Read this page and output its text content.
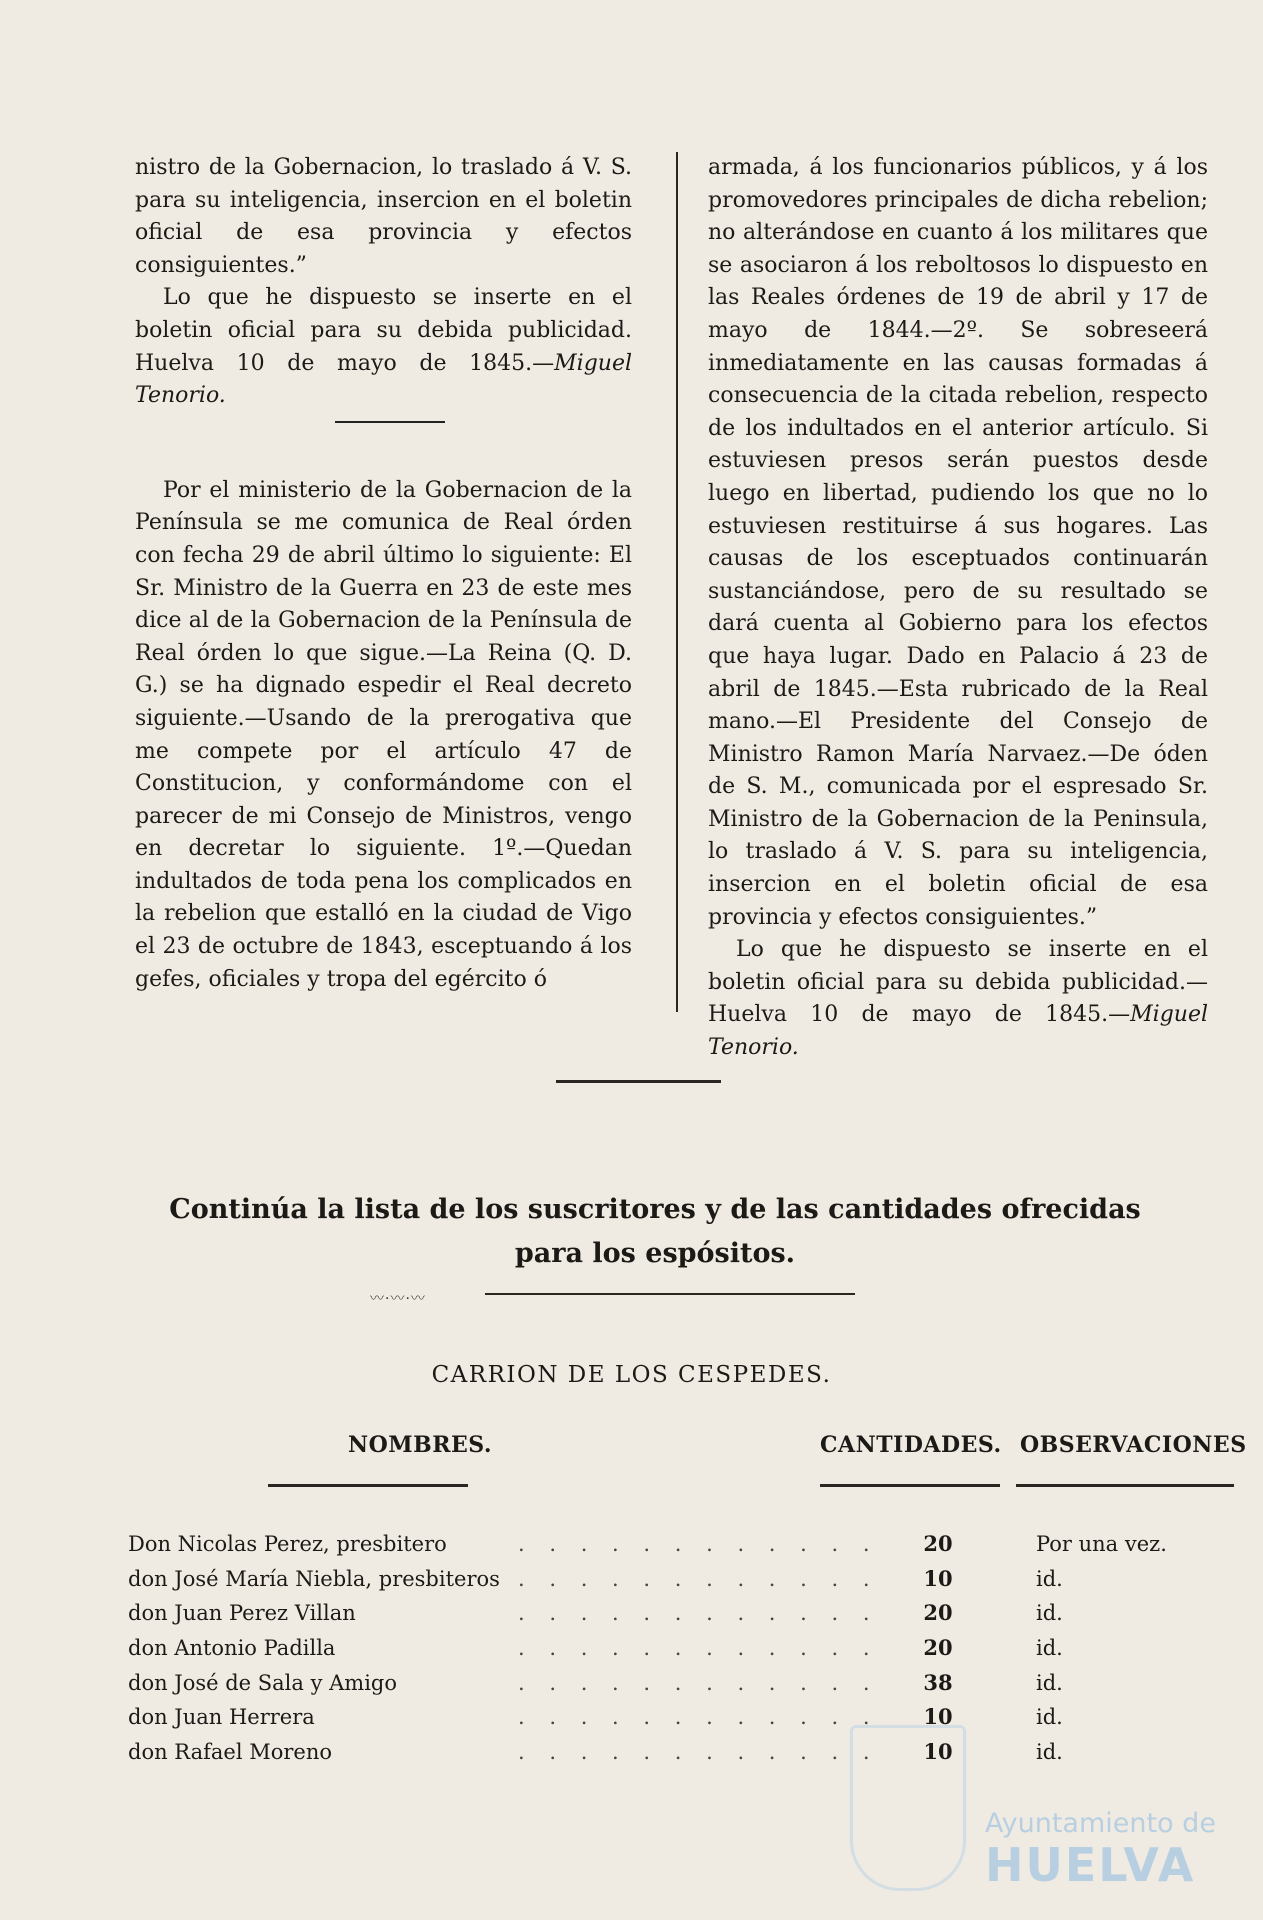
nistro de la Gobernacion, lo traslado á V. S. para su inteligencia, insercion en el boletin oficial de esa provincia y efectos consiguientes.”

Lo que he dispuesto se inserte en el boletin oficial para su debida publicidad. Huelva 10 de mayo de 1845.—Miguel Tenorio.

Por el ministerio de la Gobernacion de la Península se me comunica de Real órden con fecha 29 de abril último lo siguiente: El Sr. Ministro de la Guerra en 23 de este mes dice al de la Gobernacion de la Península de Real órden lo que sigue.—La Reina (Q. D. G.) se ha dignado espedir el Real decreto siguiente.—Usando de la prerogativa que me compete por el artículo 47 de Constitucion, y conformándome con el parecer de mi Consejo de Ministros, vengo en decretar lo siguiente. 1º.—Quedan indultados de toda pena los complicados en la rebelion que estalló en la ciudad de Vigo el 23 de octubre de 1843, esceptuando á los gefes, oficiales y tropa del egército ó

armada, á los funcionarios públicos, y á los promovedores principales de dicha rebelion; no alterándose en cuanto á los militares que se asociaron á los reboltosos lo dispuesto en las Reales órdenes de 19 de abril y 17 de mayo de 1844.—2º. Se sobreseerá inmediatamente en las causas formadas á consecuencia de la citada rebelion, respecto de los indultados en el anterior artículo. Si estuviesen presos serán puestos desde luego en libertad, pudiendo los que no lo estuviesen restituirse á sus hogares. Las causas de los esceptuados continuarán sustanciándose, pero de su resultado se dará cuenta al Gobierno para los efectos que haya lugar. Dado en Palacio á 23 de abril de 1845.—Esta rubricado de la Real mano.—El Presidente del Consejo de Ministro Ramon María Narvaez.—De óden de S. M., comunicada por el espresado Sr. Ministro de la Gobernacion de la Peninsula, lo traslado á V. S. para su inteligencia, insercion en el boletin oficial de esa provincia y efectos consiguientes.”

Lo que he dispuesto se inserte en el boletin oficial para su debida publicidad.—Huelva 10 de mayo de 1845.—Miguel Tenorio.

Continúa la lista de los suscritores y de las cantidades ofrecidas
para los espósitos.
〰·〰·〰
CARRION DE LOS CESPEDES.
NOMBRES.	CANTIDADES. OBSERVACIONES
Don Nicolas Perez, presbitero	. . . . . . . . . . . .	20	Por una vez.
don José María Niebla, presbiteros . . . . . . . . . . . .	10	id.
don Juan Perez Villan	. . . . . . . . . . . .	20	id.
don Antonio Padilla	. . . . . . . . . . . .	20	id.
don José de Sala y Amigo	. . . . . . . . . . . .	38	id.
don Juan Herrera	. . . . . . . . . . . .	10	id.
don Rafael Moreno	. . . . . . . . . . . .	10	id.
Ayuntamiento de
HUELVA
